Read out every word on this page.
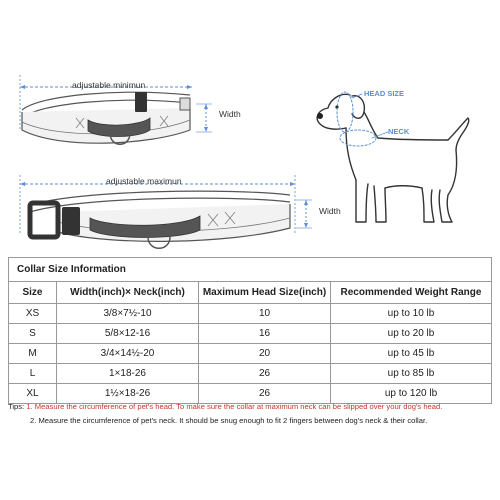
adjustable minimun
adjustable maximun
Width
Width
HEAD SIZE
NECK
Collar Size Information			
Size	Width(inch)× Neck(inch)	Maximum Head Size(inch)	Recommended Weight Range
XS	3/8×7½-10	10	up to 10 lb
S	5/8×12-16	16	up to 20 lb
M	3/4×14½-20	20	up to 45 lb
L	1×18-26	26	up to 85 lb
XL	1½×18-26	26	up to 120 lb
Tips: 1. Measure the circumference of pet's head. To make sure the collar at maximum neck can be slipped over your dog's head.
2. Measure the circumference of pet's neck. It should be snug enough to fit 2 fingers between dog's neck & their collar.
